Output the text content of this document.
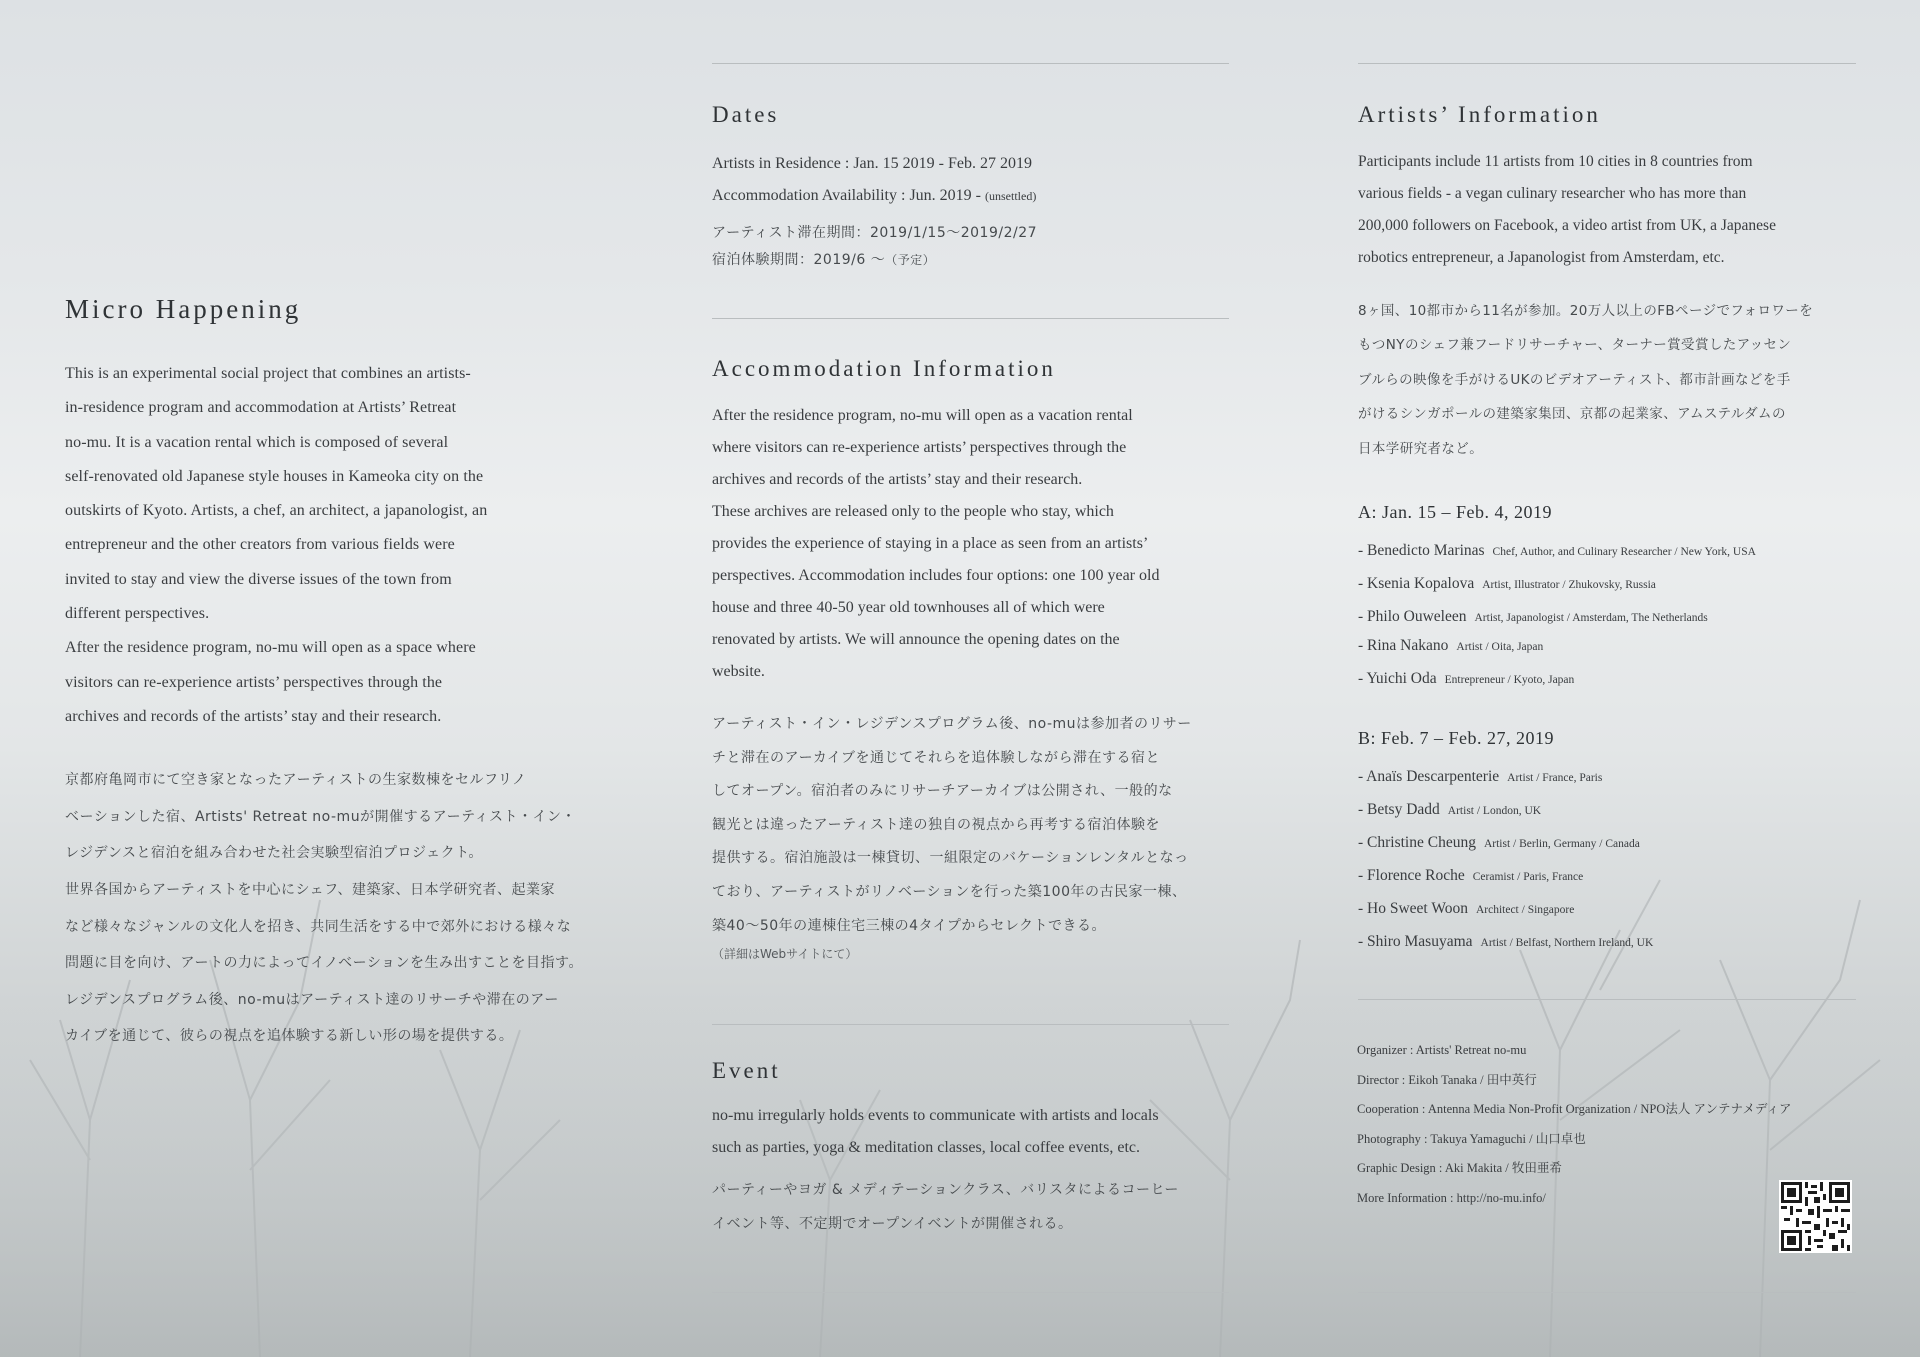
Micro Happening

This is an experimental social project that combines an artists-

in-residence program and accommodation at Artists’ Retreat

no-mu. It is a vacation rental which is composed of several

self-renovated old Japanese style houses in Kameoka city on the

outskirts of Kyoto. Artists, a chef, an architect, a japanologist, an

entrepreneur and the other creators from various fields were

invited to stay and view the diverse issues of the town from

different perspectives.

After the residence program, no-mu will open as a space where

visitors can re-experience artists’ perspectives through the

archives and records of the artists’ stay and their research.

京都府亀岡市にて空き家となったアーティストの生家数棟をセルフリノ

ベーションした宿、Artists' Retreat no-muが開催するアーティスト・イン・

レジデンスと宿泊を組み合わせた社会実験型宿泊プロジェクト。

世界各国からアーティストを中心にシェフ、建築家、日本学研究者、起業家

など様々なジャンルの文化人を招き、共同生活をする中で郊外における様々な

問題に目を向け、アートの力によってイノベーションを生み出すことを目指す。

レジデンスプログラム後、no-muはアーティスト達のリサーチや滞在のアー

カイブを通じて、彼らの視点を追体験する新しい形の場を提供する。

Dates

Artists in Residence : Jan. 15 2019 - Feb. 27 2019

Accommodation Availability : Jun. 2019 - (unsettled)

アーティスト滞在期間：2019/1/15〜2019/2/27

宿泊体験期間：2019/6 〜（予定）

Accommodation Information

After the residence program, no-mu will open as a vacation rental

where visitors can re-experience artists’ perspectives through the

archives and records of the artists’ stay and their research.

These archives are released only to the people who stay, which

provides the experience of staying in a place as seen from an artists’

perspectives. Accommodation includes four options: one 100 year old

house and three 40-50 year old townhouses all of which were

renovated by artists. We will announce the opening dates on the

website.

アーティスト・イン・レジデンスプログラム後、no-muは参加者のリサー

チと滞在のアーカイブを通じてそれらを追体験しながら滞在する宿と

してオープン。宿泊者のみにリサーチアーカイブは公開され、一般的な

観光とは違ったアーティスト達の独自の視点から再考する宿泊体験を

提供する。宿泊施設は一棟貸切、一組限定のバケーションレンタルとなっ

ており、アーティストがリノベーションを行った築100年の古民家一棟、

築40〜50年の連棟住宅三棟の4タイプからセレクトできる。

（詳細はWebサイトにて）

Event

no-mu irregularly holds events to communicate with artists and locals

such as parties, yoga & meditation classes, local coffee events, etc.

パーティーやヨガ & メディテーションクラス、バリスタによるコーヒー

イベント等、不定期でオープンイベントが開催される。

Artists’ Information

Participants include 11 artists from 10 cities in 8 countries from

various fields - a vegan culinary researcher who has more than

200,000 followers on Facebook, a video artist from UK, a Japanese

robotics entrepreneur, a Japanologist from Amsterdam, etc.

8ヶ国、10都市から11名が参加。20万人以上のFBページでフォロワーを

もつNYのシェフ兼フードリサーチャー、ターナー賞受賞したアッセン

ブルらの映像を手がけるUKのビデオアーティスト、都市計画などを手

がけるシンガポールの建築家集団、京都の起業家、アムステルダムの

日本学研究者など。

A: Jan. 15 – Feb. 4, 2019

- Benedicto Marinas Chef, Author, and Culinary Researcher / New York, USA
- Ksenia Kopalova Artist, Illustrator / Zhukovsky, Russia
- Philo Ouweleen Artist, Japanologist / Amsterdam, The Netherlands
- Rina Nakano Artist / Oita, Japan
- Yuichi Oda Entrepreneur / Kyoto, Japan

B: Feb. 7 – Feb. 27, 2019

- Anaïs Descarpenterie Artist / France, Paris
- Betsy Dadd Artist / London, UK
- Christine Cheung Artist / Berlin, Germany / Canada
- Florence Roche Ceramist / Paris, France
- Ho Sweet Woon Architect / Singapore
- Shiro Masuyama Artist / Belfast, Northern Ireland, UK

Organizer : Artists' Retreat no-mu

Director : Eikoh Tanaka / 田中英行

Cooperation : Antenna Media Non-Profit Organization / NPO法人 アンテナメディア

Photography : Takuya Yamaguchi / 山口卓也

Graphic Design : Aki Makita / 牧田亜希

More Information : http://no-mu.info/
